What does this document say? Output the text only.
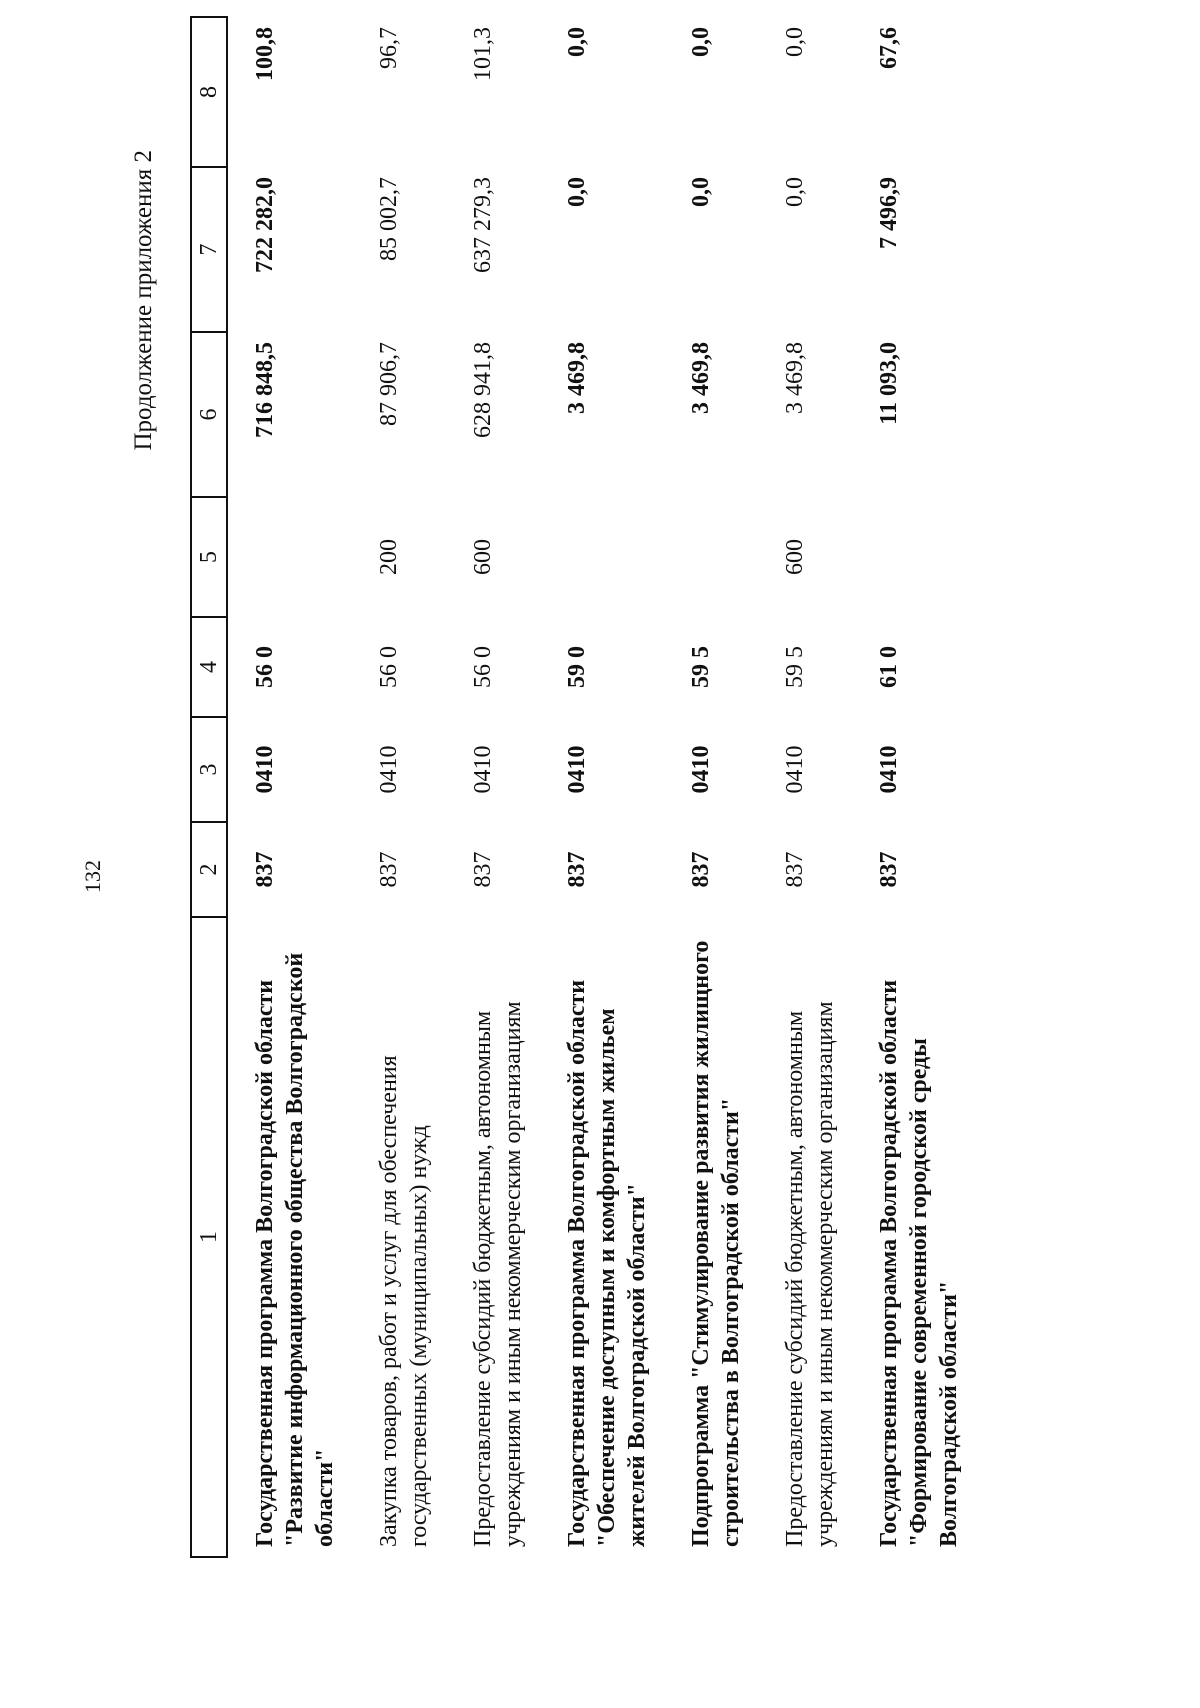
132
Продолжение приложения 2
1	2	3	4	5	6	7	8
Государственная программа Волгоградской области "Развитие информационного общества Волгоградской области"	837	0410	56 0		716 848,5	722 282,0	100,8
Закупка товаров, работ и услуг для обеспечения государственных (муниципальных) нужд	837	0410	56 0	200	87 906,7	85 002,7	96,7
Предоставление субсидий бюджетным, автономным учреждениям и иным некоммерческим организациям	837	0410	56 0	600	628 941,8	637 279,3	101,3
Государственная программа Волгоградской области "Обеспечение доступным и комфортным жильем жителей Волгоградской области"	837	0410	59 0		3 469,8	0,0	0,0
Подпрограмма "Стимулирование развития жилищного строительства в Волгоградской области"	837	0410	59 5		3 469,8	0,0	0,0
Предоставление субсидий бюджетным, автономным учреждениям и иным некоммерческим организациям	837	0410	59 5	600	3 469,8	0,0	0,0
Государственная программа Волгоградской области "Формирование современной городской среды Волгоградской области"	837	0410	61 0		11 093,0	7 496,9	67,6
